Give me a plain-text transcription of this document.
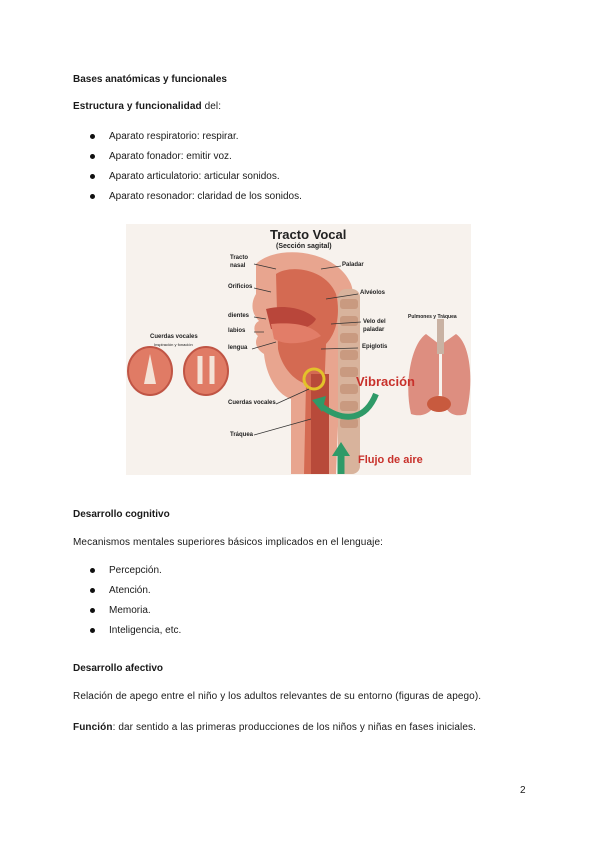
Bases anatómicas y funcionales
Estructura y funcionalidad del:
Aparato respiratorio: respirar.
Aparato fonador: emitir voz.
Aparato articulatorio: articular sonidos.
Aparato resonador: claridad de los sonidos.
Tracto Vocal
(Sección sagital)
Tracto nasal	Paladar
Orificios
Alvéolos
dientes
labios
lengua
Velo del paladar
Epiglotis
Cuerdas vocales
Inspiración y fonación
Cuerdas vocales
Tráquea
Pulmones y Tráquea
Vibración
Flujo de aire
Desarrollo cognitivo
Mecanismos mentales superiores básicos implicados en el lenguaje:
Percepción.
Atención.
Memoria.
Inteligencia, etc.
Desarrollo afectivo
Relación de apego entre el niño y los adultos relevantes de su entorno (figuras de apego).
Función: dar sentido a las primeras producciones de los niños y niñas en fases iniciales.
2
